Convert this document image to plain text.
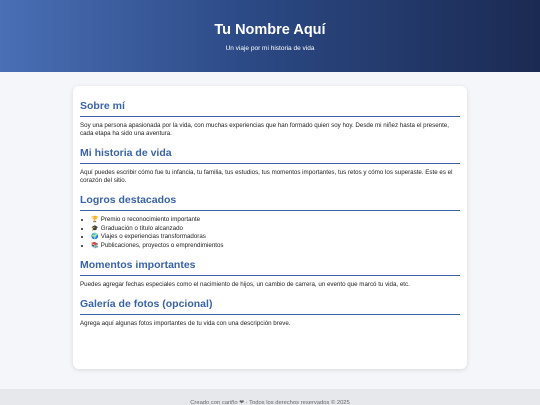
Tu Nombre Aquí

Un viaje por mi historia de vida

Sobre mí

Soy una persona apasionada por la vida, con muchas experiencias que han formado quien soy hoy. Desde mi niñez hasta el presente, cada etapa ha sido una aventura.

Mi historia de vida

Aquí puedes escribir cómo fue tu infancia, tu familia, tus estudios, tus momentos importantes, tus retos y cómo los superaste. Este es el corazón del sitio.

Logros destacados
• 🏆 Premio o reconocimiento importante
• 🎓 Graduación o título alcanzado
• 🌍 Viajes o experiencias transformadoras
• 📚 Publicaciones, proyectos o emprendimientos
Momentos importantes

Puedes agregar fechas especiales como el nacimiento de hijos, un cambio de carrera, un evento que marcó tu vida, etc.

Galería de fotos (opcional)

Agrega aquí algunas fotos importantes de tu vida con una descripción breve.

Creado con cariño ❤ · Todos los derechos reservados © 2025
